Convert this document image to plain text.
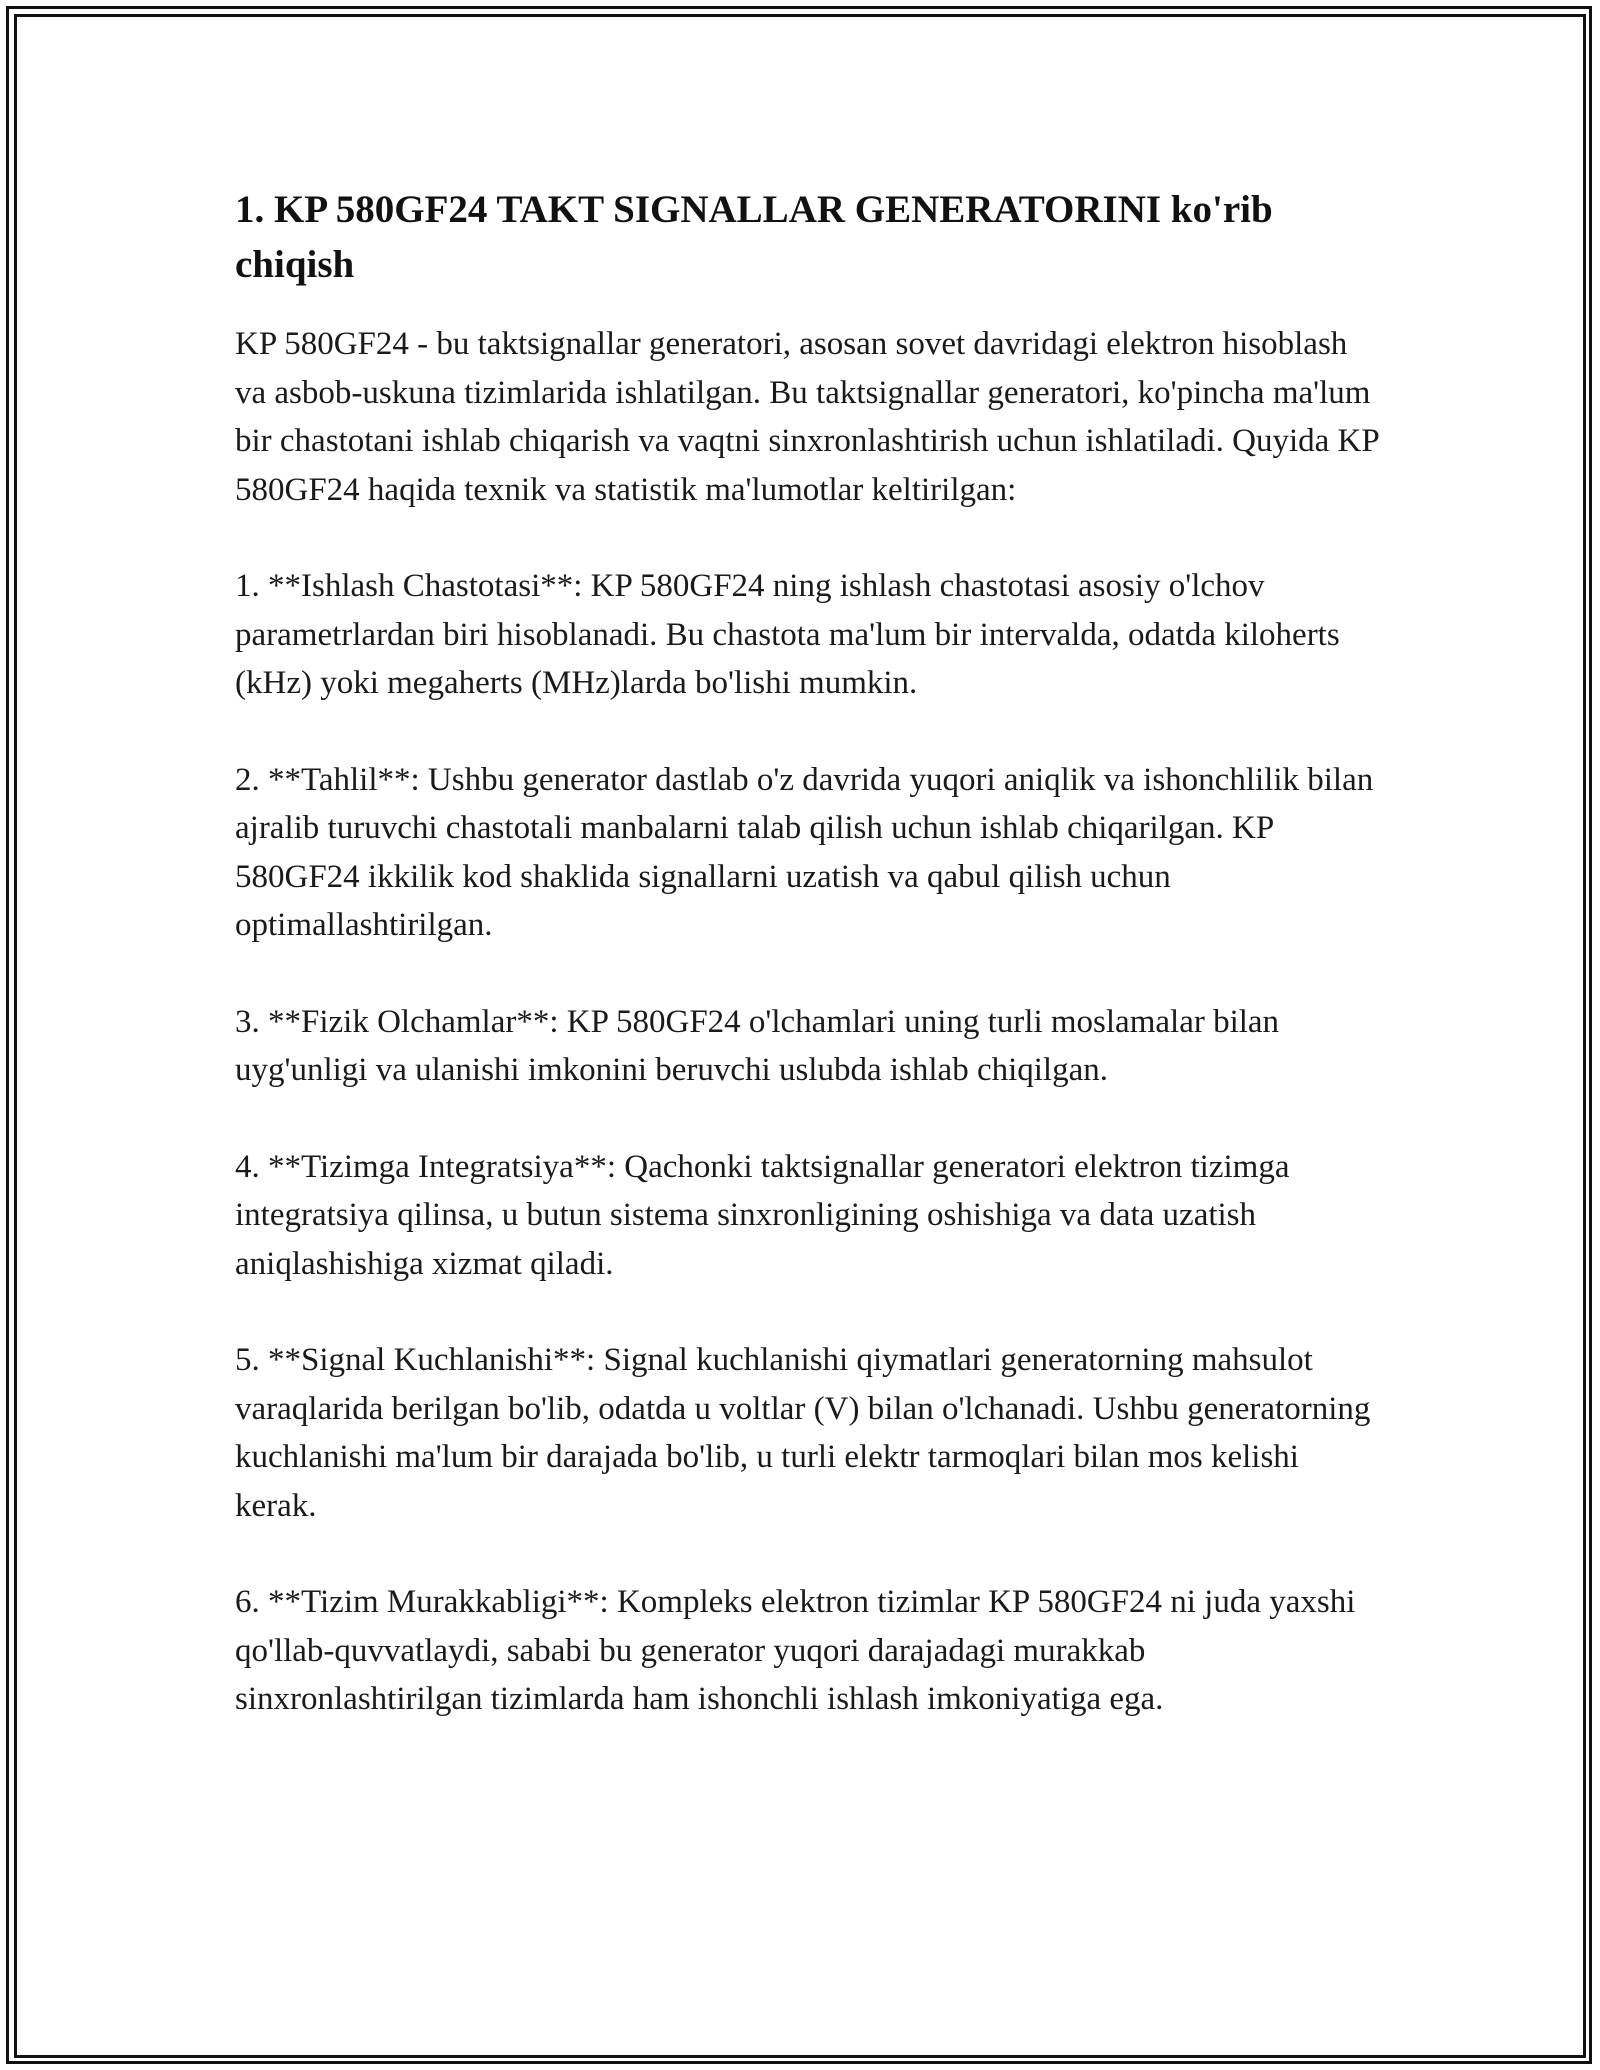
1. KP 580GF24 TAKT SIGNALLAR GENERATORINI ko'rib chiqish

KP 580GF24 - bu taktsignallar generatori, asosan sovet davridagi elektron hisoblash va asbob-uskuna tizimlarida ishlatilgan. Bu taktsignallar generatori, ko'pincha ma'lum bir chastotani ishlab chiqarish va vaqtni sinxronlashtirish uchun ishlatiladi. Quyida KP 580GF24 haqida texnik va statistik ma'lumotlar keltirilgan:

1. **Ishlash Chastotasi**: KP 580GF24 ning ishlash chastotasi asosiy o'lchov parametrlardan biri hisoblanadi. Bu chastota ma'lum bir intervalda, odatda kiloherts (kHz) yoki megaherts (MHz)larda bo'lishi mumkin.

2. **Tahlil**: Ushbu generator dastlab o'z davrida yuqori aniqlik va ishonchlilik bilan ajralib turuvchi chastotali manbalarni talab qilish uchun ishlab chiqarilgan. KP 580GF24 ikkilik kod shaklida signallarni uzatish va qabul qilish uchun optimallashtirilgan.

3. **Fizik Olchamlar**: KP 580GF24 o'lchamlari uning turli moslamalar bilan uyg'unligi va ulanishi imkonini beruvchi uslubda ishlab chiqilgan.

4. **Tizimga Integratsiya**: Qachonki taktsignallar generatori elektron tizimga integratsiya qilinsa, u butun sistema sinxronligining oshishiga va data uzatish aniqlashishiga xizmat qiladi.

5. **Signal Kuchlanishi**: Signal kuchlanishi qiymatlari generatorning mahsulot varaqlarida berilgan bo'lib, odatda u voltlar (V) bilan o'lchanadi. Ushbu generatorning kuchlanishi ma'lum bir darajada bo'lib, u turli elektr tarmoqlari bilan mos kelishi kerak.

6. **Tizim Murakkabligi**: Kompleks elektron tizimlar KP 580GF24 ni juda yaxshi qo'llab-quvvatlaydi, sababi bu generator yuqori darajadagi murakkab sinxronlashtirilgan tizimlarda ham ishonchli ishlash imkoniyatiga ega.
